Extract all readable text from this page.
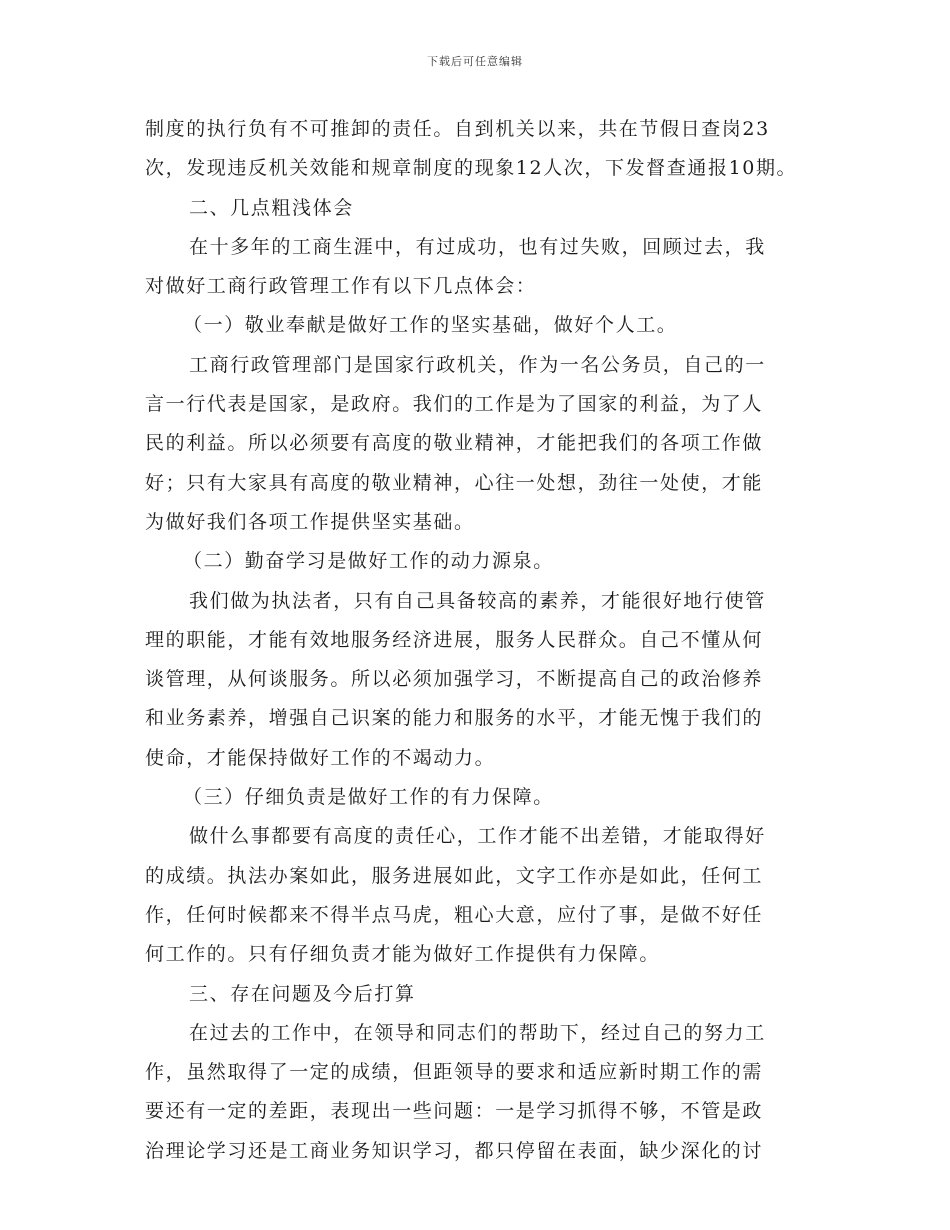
下载后可任意编辑
制度的执行负有不可推卸的责任。自到机关以来，共在节假日查岗23
次，发现违反机关效能和规章制度的现象12人次，下发督查通报10期。
二、几点粗浅体会
在十多年的工商生涯中，有过成功，也有过失败，回顾过去，我
对做好工商行政管理工作有以下几点体会：
（一）敬业奉献是做好工作的坚实基础，做好个人工。
工商行政管理部门是国家行政机关，作为一名公务员，自己的一
言一行代表是国家，是政府。我们的工作是为了国家的利益，为了人
民的利益。所以必须要有高度的敬业精神，才能把我们的各项工作做
好；只有大家具有高度的敬业精神，心往一处想，劲往一处使，才能
为做好我们各项工作提供坚实基础。
（二）勤奋学习是做好工作的动力源泉。
我们做为执法者，只有自己具备较高的素养，才能很好地行使管
理的职能，才能有效地服务经济进展，服务人民群众。自己不懂从何
谈管理，从何谈服务。所以必须加强学习，不断提高自己的政治修养
和业务素养，增强自己识案的能力和服务的水平，才能无愧于我们的
使命，才能保持做好工作的不竭动力。
（三）仔细负责是做好工作的有力保障。
做什么事都要有高度的责任心，工作才能不出差错，才能取得好
的成绩。执法办案如此，服务进展如此，文字工作亦是如此，任何工
作，任何时候都来不得半点马虎，粗心大意，应付了事，是做不好任
何工作的。只有仔细负责才能为做好工作提供有力保障。
三、存在问题及今后打算
在过去的工作中，在领导和同志们的帮助下，经过自己的努力工
作，虽然取得了一定的成绩，但距领导的要求和适应新时期工作的需
要还有一定的差距，表现出一些问题：一是学习抓得不够，不管是政
治理论学习还是工商业务知识学习，都只停留在表面，缺少深化的讨
